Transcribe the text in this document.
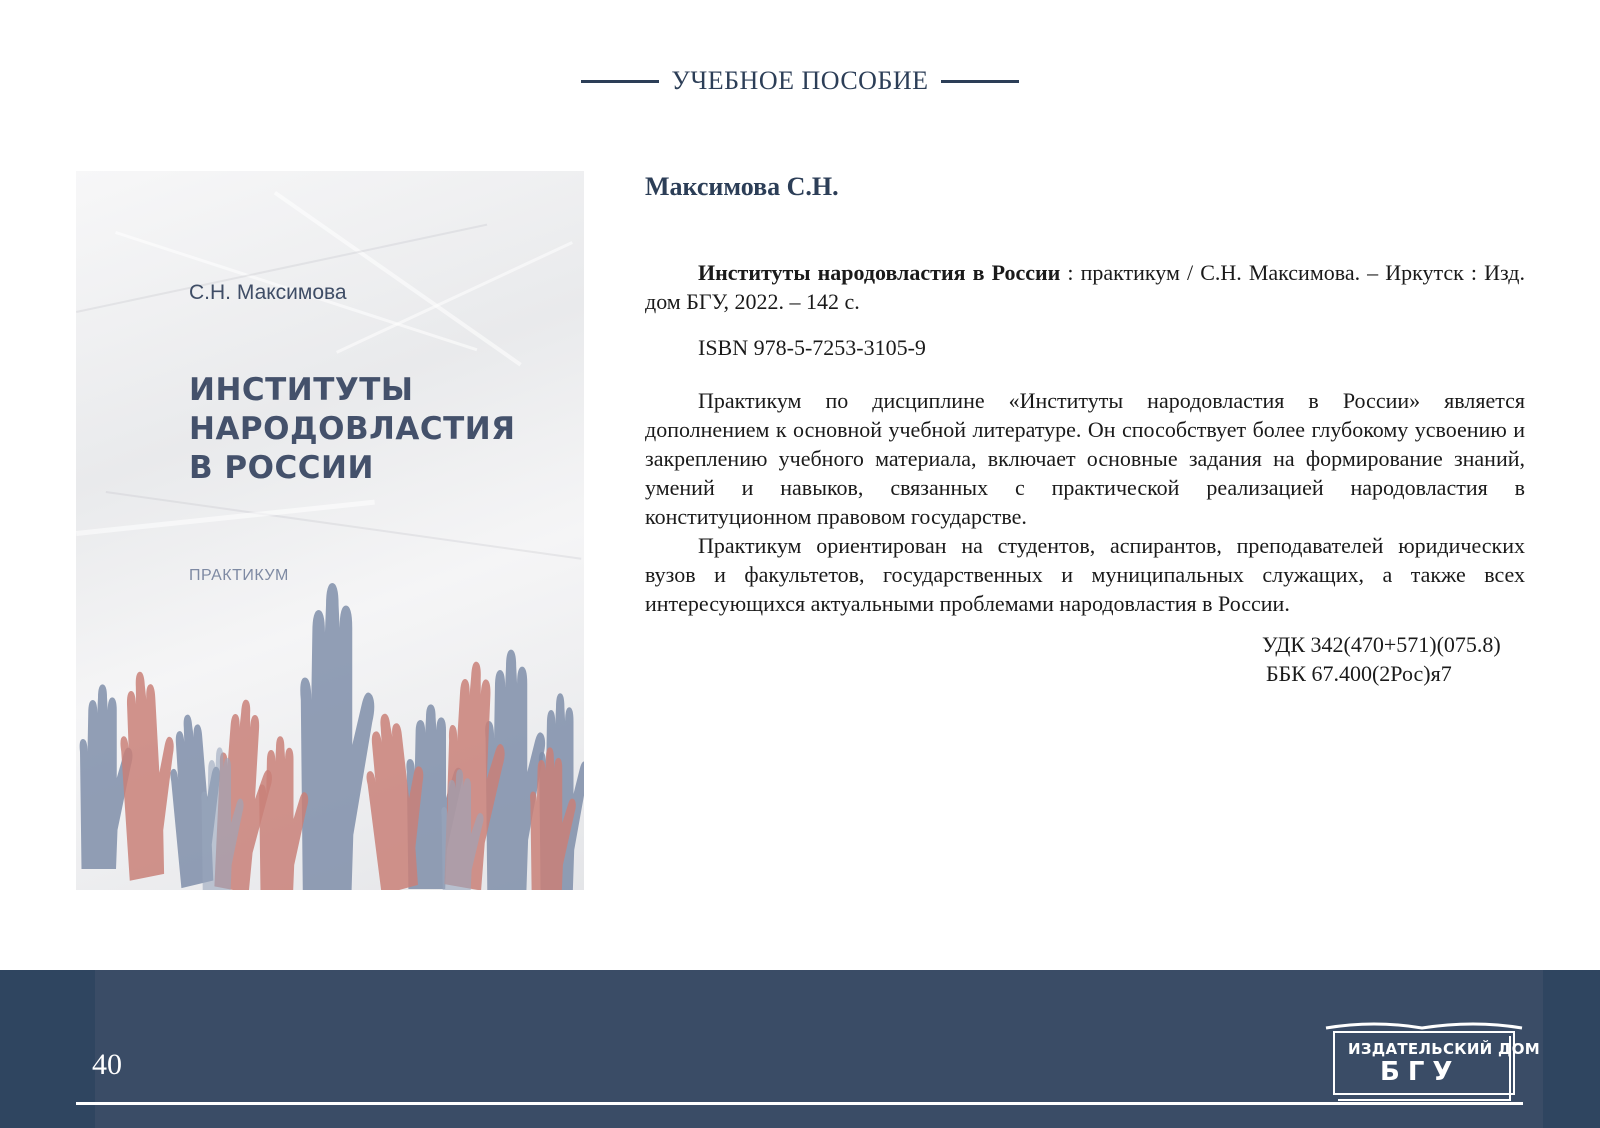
УЧЕБНОЕ ПОСОБИЕ
С.Н. Максимова
ИНСТИТУТЫ
НАРОДОВЛАСТИЯ
В РОССИИ
ПРАКТИКУМ
Максимова С.Н.

Институты народовластия в России : практикум / С.Н. Максимова. – Иркутск : Изд. дом БГУ, 2022. – 142 с.

ISBN 978-5-7253-3105-9

Практикум по дисциплине «Институты народовластия в России» является дополнением к основной учебной литературе. Он способствует более глубокому усвоению и закреплению учебного материала, включает основные задания на формирование знаний, умений и навыков, связанных с практической реализацией народовластия в конституционном правовом государстве.

Практикум ориентирован на студентов, аспирантов, преподавателей юридических вузов и факультетов, государственных и муниципальных служащих, а также всех интересующихся актуальными проблемами народовластия в России.

УДК 342(470+571)(075.8)
ББК 67.400(2Рос)я7
40	ИЗДАТЕЛЬСКИЙ ДОМ
БГУ
